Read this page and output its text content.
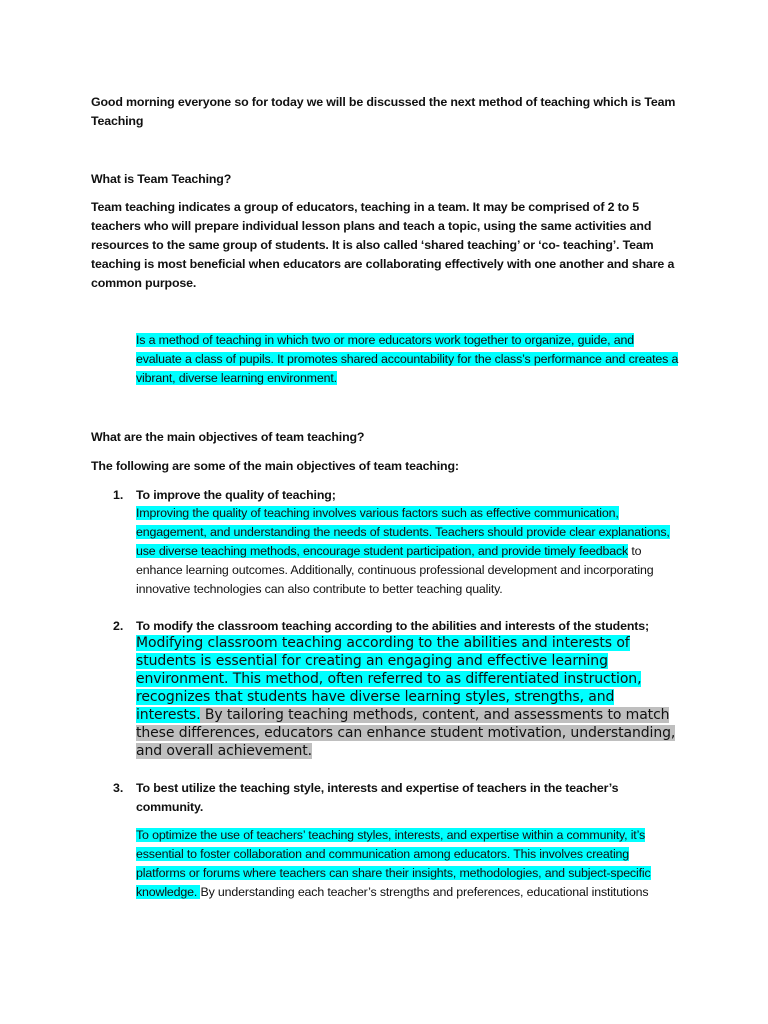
Good morning everyone so for today we will be discussed the next method of teaching which is Team Teaching

What is Team Teaching?

Team teaching indicates a group of educators, teaching in a team. It may be comprised of 2 to 5 teachers who will prepare individual lesson plans and teach a topic, using the same activities and resources to the same group of students. It is also called ‘shared teaching’ or ‘co- teaching’. Team teaching is most beneficial when educators are collaborating effectively with one another and share a common purpose.

Is a method of teaching in which two or more educators work together to organize, guide, and evaluate a class of pupils. It promotes shared accountability for the class’s performance and creates a vibrant, diverse learning environment.

What are the main objectives of team teaching?

The following are some of the main objectives of team teaching:

1.	To improve the quality of teaching;

Improving the quality of teaching involves various factors such as effective communication, engagement, and understanding the needs of students. Teachers should provide clear explanations, use diverse teaching methods, encourage student participation, and provide timely feedback to enhance learning outcomes. Additionally, continuous professional development and incorporating innovative technologies can also contribute to better teaching quality.

2.	To modify the classroom teaching according to the abilities and interests of the students;

Modifying classroom teaching according to the abilities and interests of students is essential for creating an engaging and effective learning environment. This method, often referred to as differentiated instruction, recognizes that students have diverse learning styles, strengths, and interests. By tailoring teaching methods, content, and assessments to match these differences, educators can enhance student motivation, understanding, and overall achievement.

3.	To best utilize the teaching style, interests and expertise of teachers in the teacher’s community.

To optimize the use of teachers’ teaching styles, interests, and expertise within a community, it’s essential to foster collaboration and communication among educators. This involves creating platforms or forums where teachers can share their insights, methodologies, and subject-specific knowledge. By understanding each teacher’s strengths and preferences, educational institutions
